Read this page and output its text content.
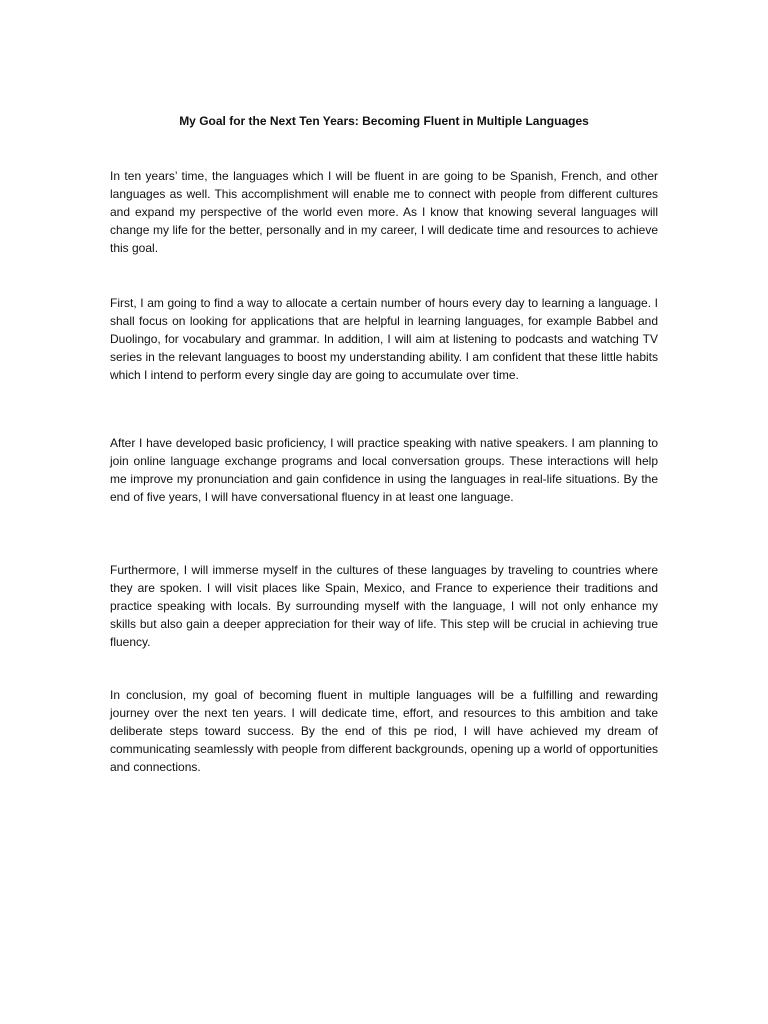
My Goal for the Next Ten Years: Becoming Fluent in Multiple Languages

In ten years’ time, the languages which I will be fluent in are going to be Spanish, French, and other languages as well. This accomplishment will enable me to connect with people from different cultures and expand my perspective of the world even more. As I know that knowing several languages will change my life for the better, personally and in my career, I will dedicate time and resources to achieve this goal.

First, I am going to find a way to allocate a certain number of hours every day to learning a language. I shall focus on looking for applications that are helpful in learning languages, for example Babbel and Duolingo, for vocabulary and grammar. In addition, I will aim at listening to podcasts and watching TV series in the relevant languages to boost my understanding ability. I am confident that these little habits which I intend to perform every single day are going to accumulate over time.

After I have developed basic proficiency, I will practice speaking with native speakers. I am planning to join online language exchange programs and local conversation groups. These interactions will help me improve my pronunciation and gain confidence in using the languages in real-life situations. By the end of five years, I will have conversational fluency in at least one language.

Furthermore, I will immerse myself in the cultures of these languages by traveling to countries where they are spoken. I will visit places like Spain, Mexico, and France to experience their traditions and practice speaking with locals. By surrounding myself with the language, I will not only enhance my skills but also gain a deeper appreciation for their way of life. This step will be crucial in achieving true fluency.

In conclusion, my goal of becoming fluent in multiple languages will be a fulfilling and rewarding journey over the next ten years. I will dedicate time, effort, and resources to this ambition and take deliberate steps toward success. By the end of this pe riod, I will have achieved my dream of communicating seamlessly with people from different backgrounds, opening up a world of opportunities and connections.
